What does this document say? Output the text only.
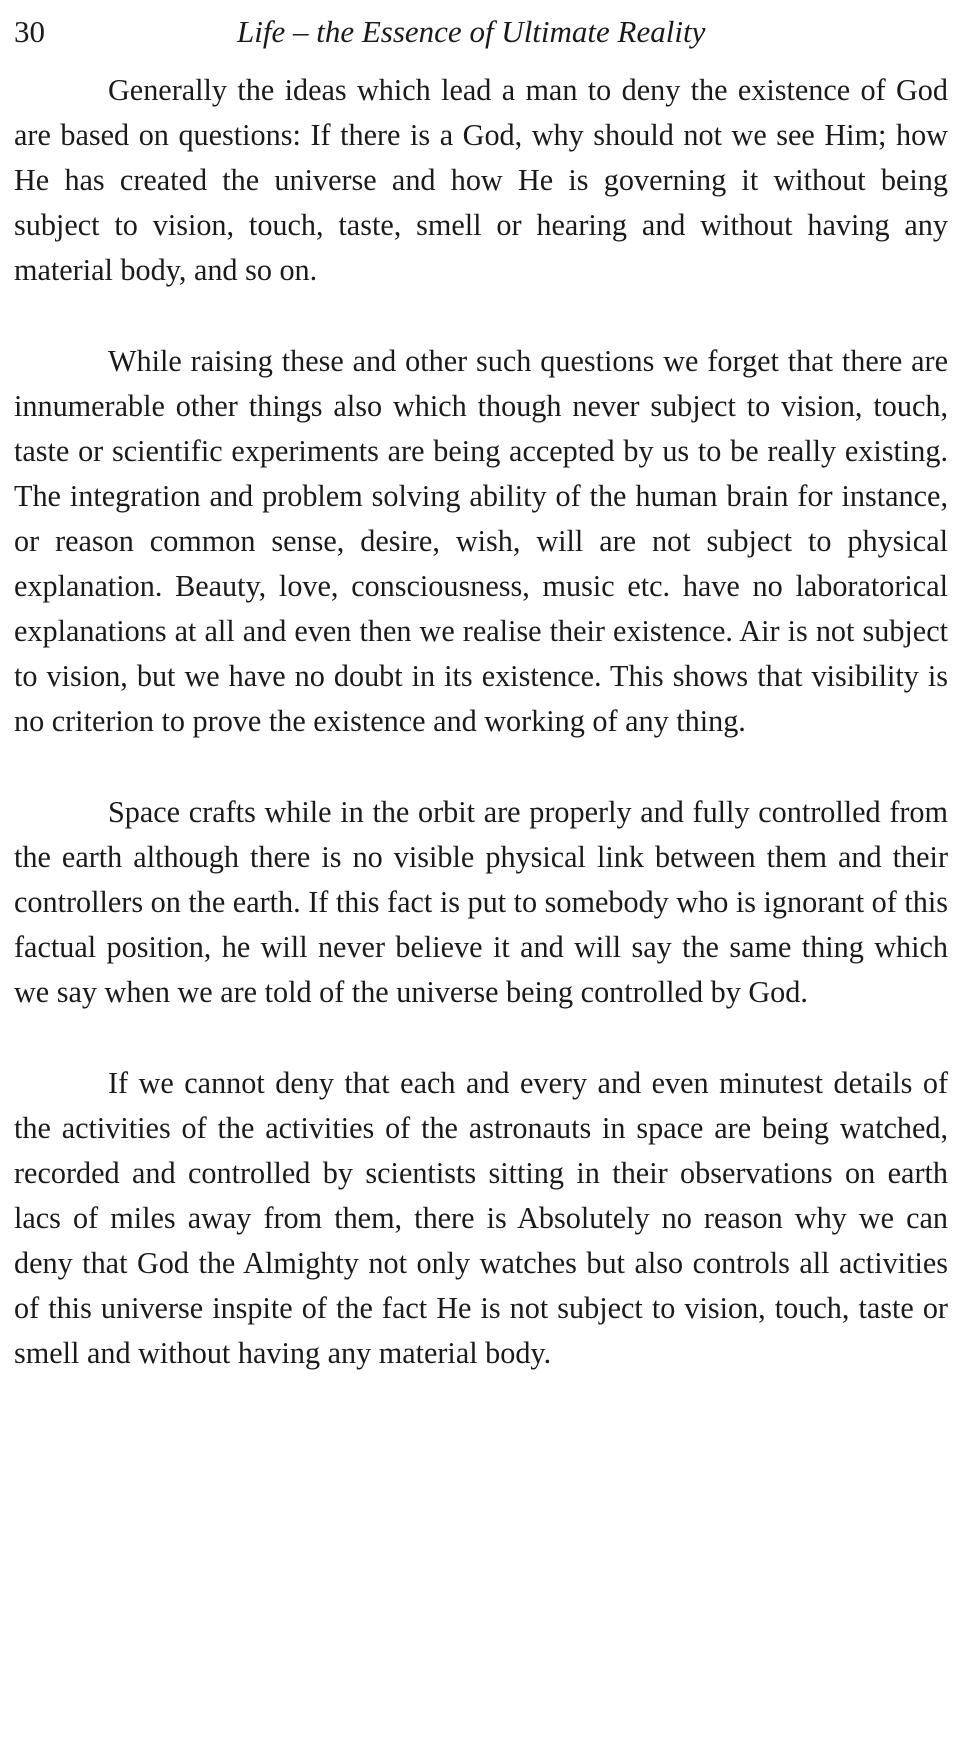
30	Life – the Essence of Ultimate Reality

Generally the ideas which lead a man to deny the existence of God are based on questions: If there is a God, why should not we see Him; how He has created the universe and how He is governing it without being subject to vision, touch, taste, smell or hearing and without having any material body, and so on.

While raising these and other such questions we forget that there are innumerable other things also which though never subject to vision, touch, taste or scientific experiments are being accepted by us to be really existing. The integration and problem solving ability of the human brain for instance, or reason common sense, desire, wish, will are not subject to physical explanation. Beauty, love, consciousness, music etc. have no laboratorical explanations at all and even then we realise their existence. Air is not subject to vision, but we have no doubt in its existence. This shows that visibility is no criterion to prove the existence and working of any thing.

Space crafts while in the orbit are properly and fully controlled from the earth although there is no visible physical link between them and their controllers on the earth. If this fact is put to somebody who is ignorant of this factual position, he will never believe it and will say the same thing which we say when we are told of the universe being controlled by God.

If we cannot deny that each and every and even minutest details of the activities of the activities of the astronauts in space are being watched, recorded and controlled by scientists sitting in their observations on earth lacs of miles away from them, there is Absolutely no reason why we can deny that God the Almighty not only watches but also controls all activities of this universe inspite of the fact He is not subject to vision, touch, taste or smell and without having any material body.
